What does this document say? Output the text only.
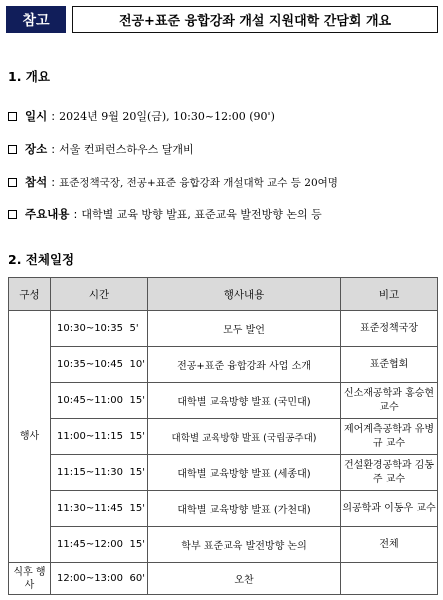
참고	전공+표준 융합강좌 개설 지원대학 간담회 개요
1. 개요
일시 : 2024년 9월 20일(금), 10:30~12:00 (90')
장소 : 서울 컨퍼런스하우스 달개비
참석 : 표준정책국장, 전공+표준 융합강좌 개설대학 교수 등 20여명
주요내용 : 대학별 교육 방향 발표, 표준교육 발전방향 논의 등
2. 전체일정
구성	시간		행사내용	비고
행사	10:30~10:35	5'	모두 발언	표준정책국장
	10:35~10:45	10'	전공+표준 융합강좌 사업 소개	표준협회
	10:45~11:00	15'	대학별 교육방향 발표 (국민대)	신소재공학과 홍승현 교수
	11:00~11:15	15'	대학별 교육방향 발표 (국립공주대)	제어계측공학과 유병규 교수
	11:15~11:30	15'	대학별 교육방향 발표 (세종대)	건설환경공학과 김동주 교수
	11:30~11:45	15'	대학별 교육방향 발표 (가천대)	의공학과 이동우 교수
	11:45~12:00	15'	학부 표준교육 발전방향 논의	전체
식후 행사	12:00~13:00	60'	오찬	
